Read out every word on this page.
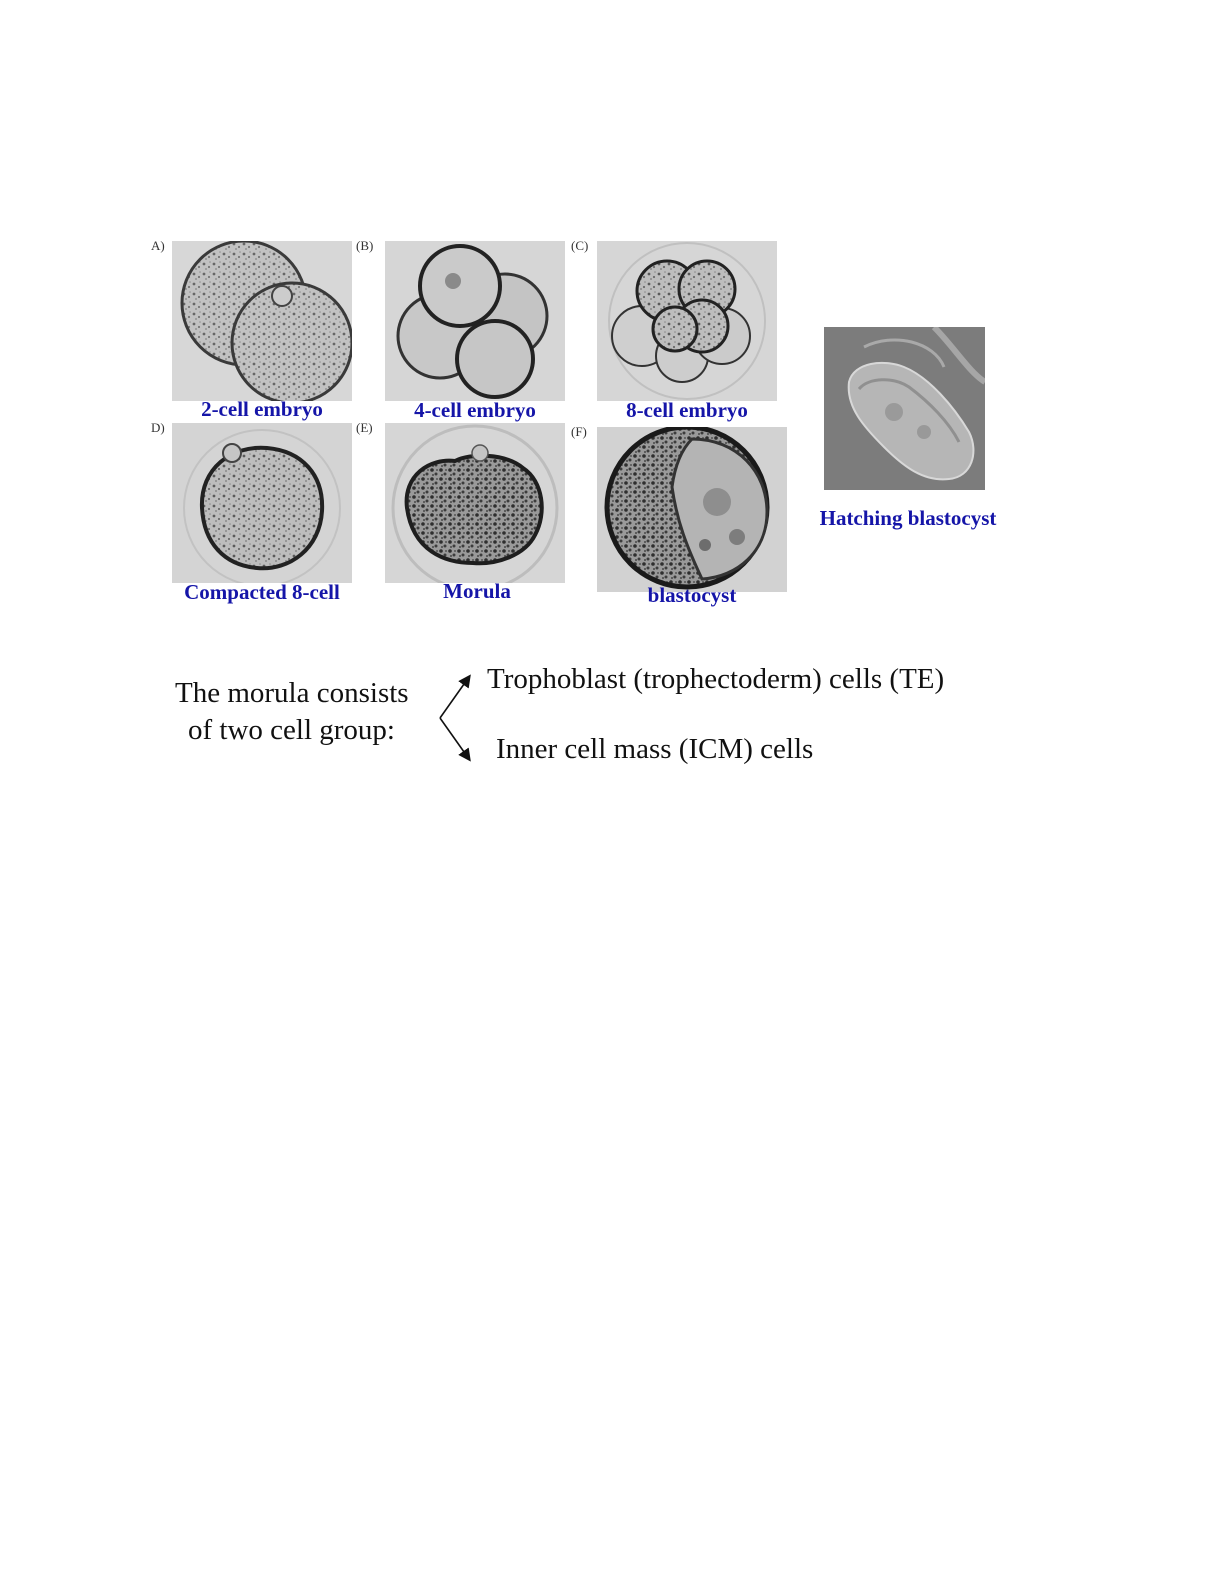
A)
2-cell embryo
(B)
4-cell embryo
(C)
8-cell embryo
D)
Compacted 8-cell
(E)
Morula
(F)
blastocyst
Hatching blastocyst
The morula consists
of two cell group:
Trophoblast (trophectoderm) cells (TE)
Inner cell mass (ICM) cells
